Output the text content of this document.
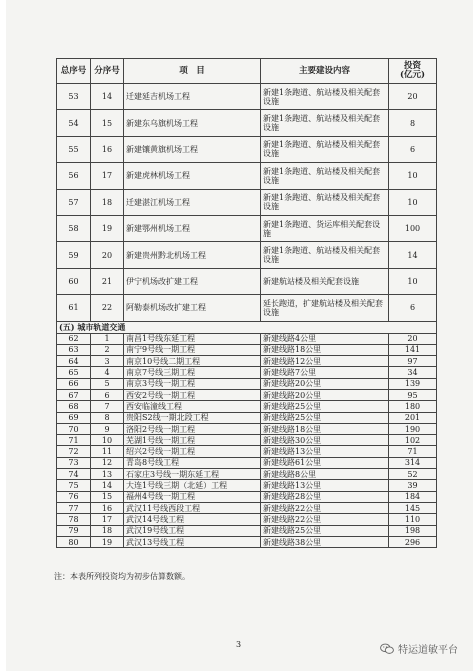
总序号	分序号	项　目	主要建设内容	投资
(亿元)
53	14	迁建延吉机场工程	新建1条跑道、航站楼及相关配套设施	20
54	15	新建东乌旗机场工程	新建1条跑道、航站楼及相关配套设施	8
55	16	新建镶黄旗机场工程	新建1条跑道、航站楼及相关配套设施	6
56	17	新建虎林机场工程	新建1条跑道、航站楼及相关配套设施	10
57	18	迁建湛江机场工程	新建1条跑道、航站楼及相关配套设施	10
58	19	新建鄂州机场工程	新建1条跑道、货运库相关配套设施	100
59	20	新建贵州黔北机场工程	新建1条跑道、航站楼及相关配套设施	14
60	21	伊宁机场改扩建工程	新建航站楼及相关配套设施	10
61	22	阿勒泰机场改扩建工程	延长跑道，扩建航站楼及相关配套设施	6
(五) 城市轨道交通				
62	1	南昌1号线东延工程	新建线路4公里	20
63	2	南宁9号线一期工程	新建线路18公里	141
64	3	南京10号线二期工程	新建线路12公里	97
65	4	南京7号线三期工程	新建线路7公里	34
66	5	南京3号线一期工程	新建线路20公里	139
67	6	西安2号线一期工程	新建线路20公里	95
68	7	西安临潼线工程	新建线路25公里	180
69	8	贵阳S2线一期北段工程	新建线路25公里	201
70	9	洛阳2号线一期工程	新建线路18公里	190
71	10	芜湖1号线一期工程	新建线路30公里	102
72	11	绍兴2号线一期工程	新建线路13公里	71
73	12	青岛8号线工程	新建线路61公里	314
74	13	石家庄3号线一期东延工程	新建线路8公里	52
75	14	大连1号线三期（北延）工程	新建线路13公里	39
76	15	福州4号线一期工程	新建线路28公里	184
77	16	武汉11号线西段工程	新建线路22公里	145
78	17	武汉14号线工程	新建线路22公里	110
79	18	武汉19号线工程	新建线路25公里	198
80	19	武汉13号线工程	新建线路38公里	296
注：本表所列投资均为初步估算数额。
3
特运道敏平台
